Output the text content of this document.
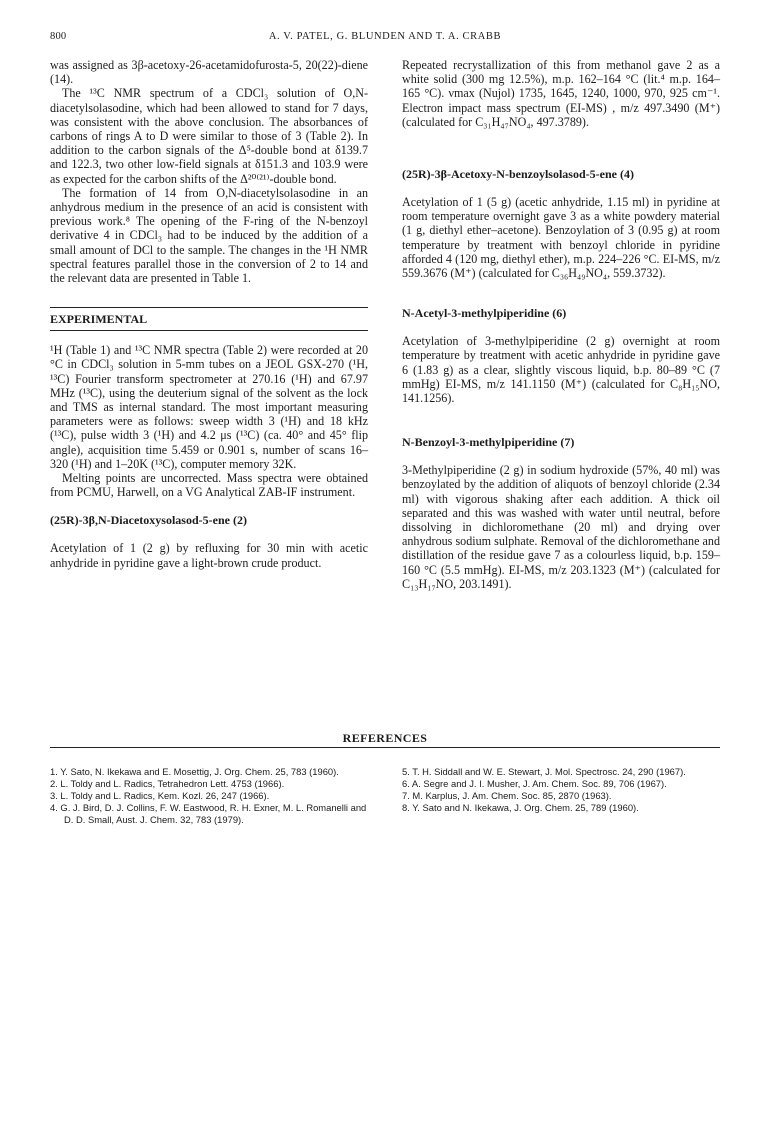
800	A. V. PATEL, G. BLUNDEN AND T. A. CRABB

was assigned as 3β-acetoxy-26-acetamidofurosta-5, 20(22)-diene (14).

The ¹³C NMR spectrum of a CDCl₃ solution of O,N-diacetylsolasodine, which had been allowed to stand for 7 days, was consistent with the above conclusion. The absorbances of carbons of rings A to D were similar to those of 3 (Table 2). In addition to the carbon signals of the Δ⁵-double bond at δ139.7 and 122.3, two other low-field signals at δ151.3 and 103.9 were as expected for the carbon shifts of the Δ²⁰⁽²¹⁾-double bond.

The formation of 14 from O,N-diacetylsolasodine in an anhydrous medium in the presence of an acid is consistent with previous work.⁸ The opening of the F-ring of the N-benzoyl derivative 4 in CDCl₃ had to be induced by the addition of a small amount of DCl to the sample. The changes in the ¹H NMR spectral features parallel those in the conversion of 2 to 14 and the relevant data are presented in Table 1.

EXPERIMENTAL

¹H (Table 1) and ¹³C NMR spectra (Table 2) were recorded at 20 °C in CDCl₃ solution in 5-mm tubes on a JEOL GSX-270 (¹H, ¹³C) Fourier transform spectrometer at 270.16 (¹H) and 67.97 MHz (¹³C), using the deuterium signal of the solvent as the lock and TMS as internal standard. The most important measuring parameters were as follows: sweep width 3 (¹H) and 18 kHz (¹³C), pulse width 3 (¹H) and 4.2 μs (¹³C) (ca. 40° and 45° flip angle), acquisition time 5.459 or 0.901 s, number of scans 16–320 (¹H) and 1–20K (¹³C), computer memory 32K.

Melting points are uncorrected. Mass spectra were obtained from PCMU, Harwell, on a VG Analytical ZAB-IF instrument.

(25R)-3β,N-Diacetoxysolasod-5-ene (2)

Acetylation of 1 (2 g) by refluxing for 30 min with acetic anhydride in pyridine gave a light-brown crude product.

Repeated recrystallization of this from methanol gave 2 as a white solid (300 mg 12.5%), m.p. 162–164 °C (lit.⁴ m.p. 164–165 °C). νmax (Nujol) 1735, 1645, 1240, 1000, 970, 925 cm⁻¹. Electron impact mass spectrum (EI-MS) , m/z 497.3490 (M⁺) (calculated for C₃₁H₄₇NO₄, 497.3789).

(25R)-3β-Acetoxy-N-benzoylsolasod-5-ene (4)

Acetylation of 1 (5 g) (acetic anhydride, 1.15 ml) in pyridine at room temperature overnight gave 3 as a white powdery material (1 g, diethyl ether–acetone). Benzoylation of 3 (0.95 g) at room temperature by treatment with benzoyl chloride in pyridine afforded 4 (120 mg, diethyl ether), m.p. 224–226 °C. EI-MS, m/z 559.3676 (M⁺) (calculated for C₃₆H₄₉NO₄, 559.3732).

N-Acetyl-3-methylpiperidine (6)

Acetylation of 3-methylpiperidine (2 g) overnight at room temperature by treatment with acetic anhydride in pyridine gave 6 (1.83 g) as a clear, slightly viscous liquid, b.p. 80–89 °C (7 mmHg) EI-MS, m/z 141.1150 (M⁺) (calculated for C₈H₁₅NO, 141.1256).

N-Benzoyl-3-methylpiperidine (7)

3-Methylpiperidine (2 g) in sodium hydroxide (57%, 40 ml) was benzoylated by the addition of aliquots of benzoyl chloride (2.34 ml) with vigorous shaking after each addition. A thick oil separated and this was washed with water until neutral, before dissolving in dichloromethane (20 ml) and drying over anhydrous sodium sulphate. Removal of the dichloromethane and distillation of the residue gave 7 as a colourless liquid, b.p. 159–160 °C (5.5 mmHg). EI-MS, m/z 203.1323 (M⁺) (calculated for C₁₃H₁₇NO, 203.1491).

REFERENCES
1. Y. Sato, N. Ikekawa and E. Mosettig, J. Org. Chem. 25, 783 (1960).
2. L. Toldy and L. Radics, Tetrahedron Lett. 4753 (1966).
3. L. Toldy and L. Radics, Kem. Kozl. 26, 247 (1966).
4. G. J. Bird, D. J. Collins, F. W. Eastwood, R. H. Exner, M. L. Romanelli and D. D. Small, Aust. J. Chem. 32, 783 (1979).
5. T. H. Siddall and W. E. Stewart, J. Mol. Spectrosc. 24, 290 (1967).
6. A. Segre and J. I. Musher, J. Am. Chem. Soc. 89, 706 (1967).
7. M. Karplus, J. Am. Chem. Soc. 85, 2870 (1963).
8. Y. Sato and N. Ikekawa, J. Org. Chem. 25, 789 (1960).
